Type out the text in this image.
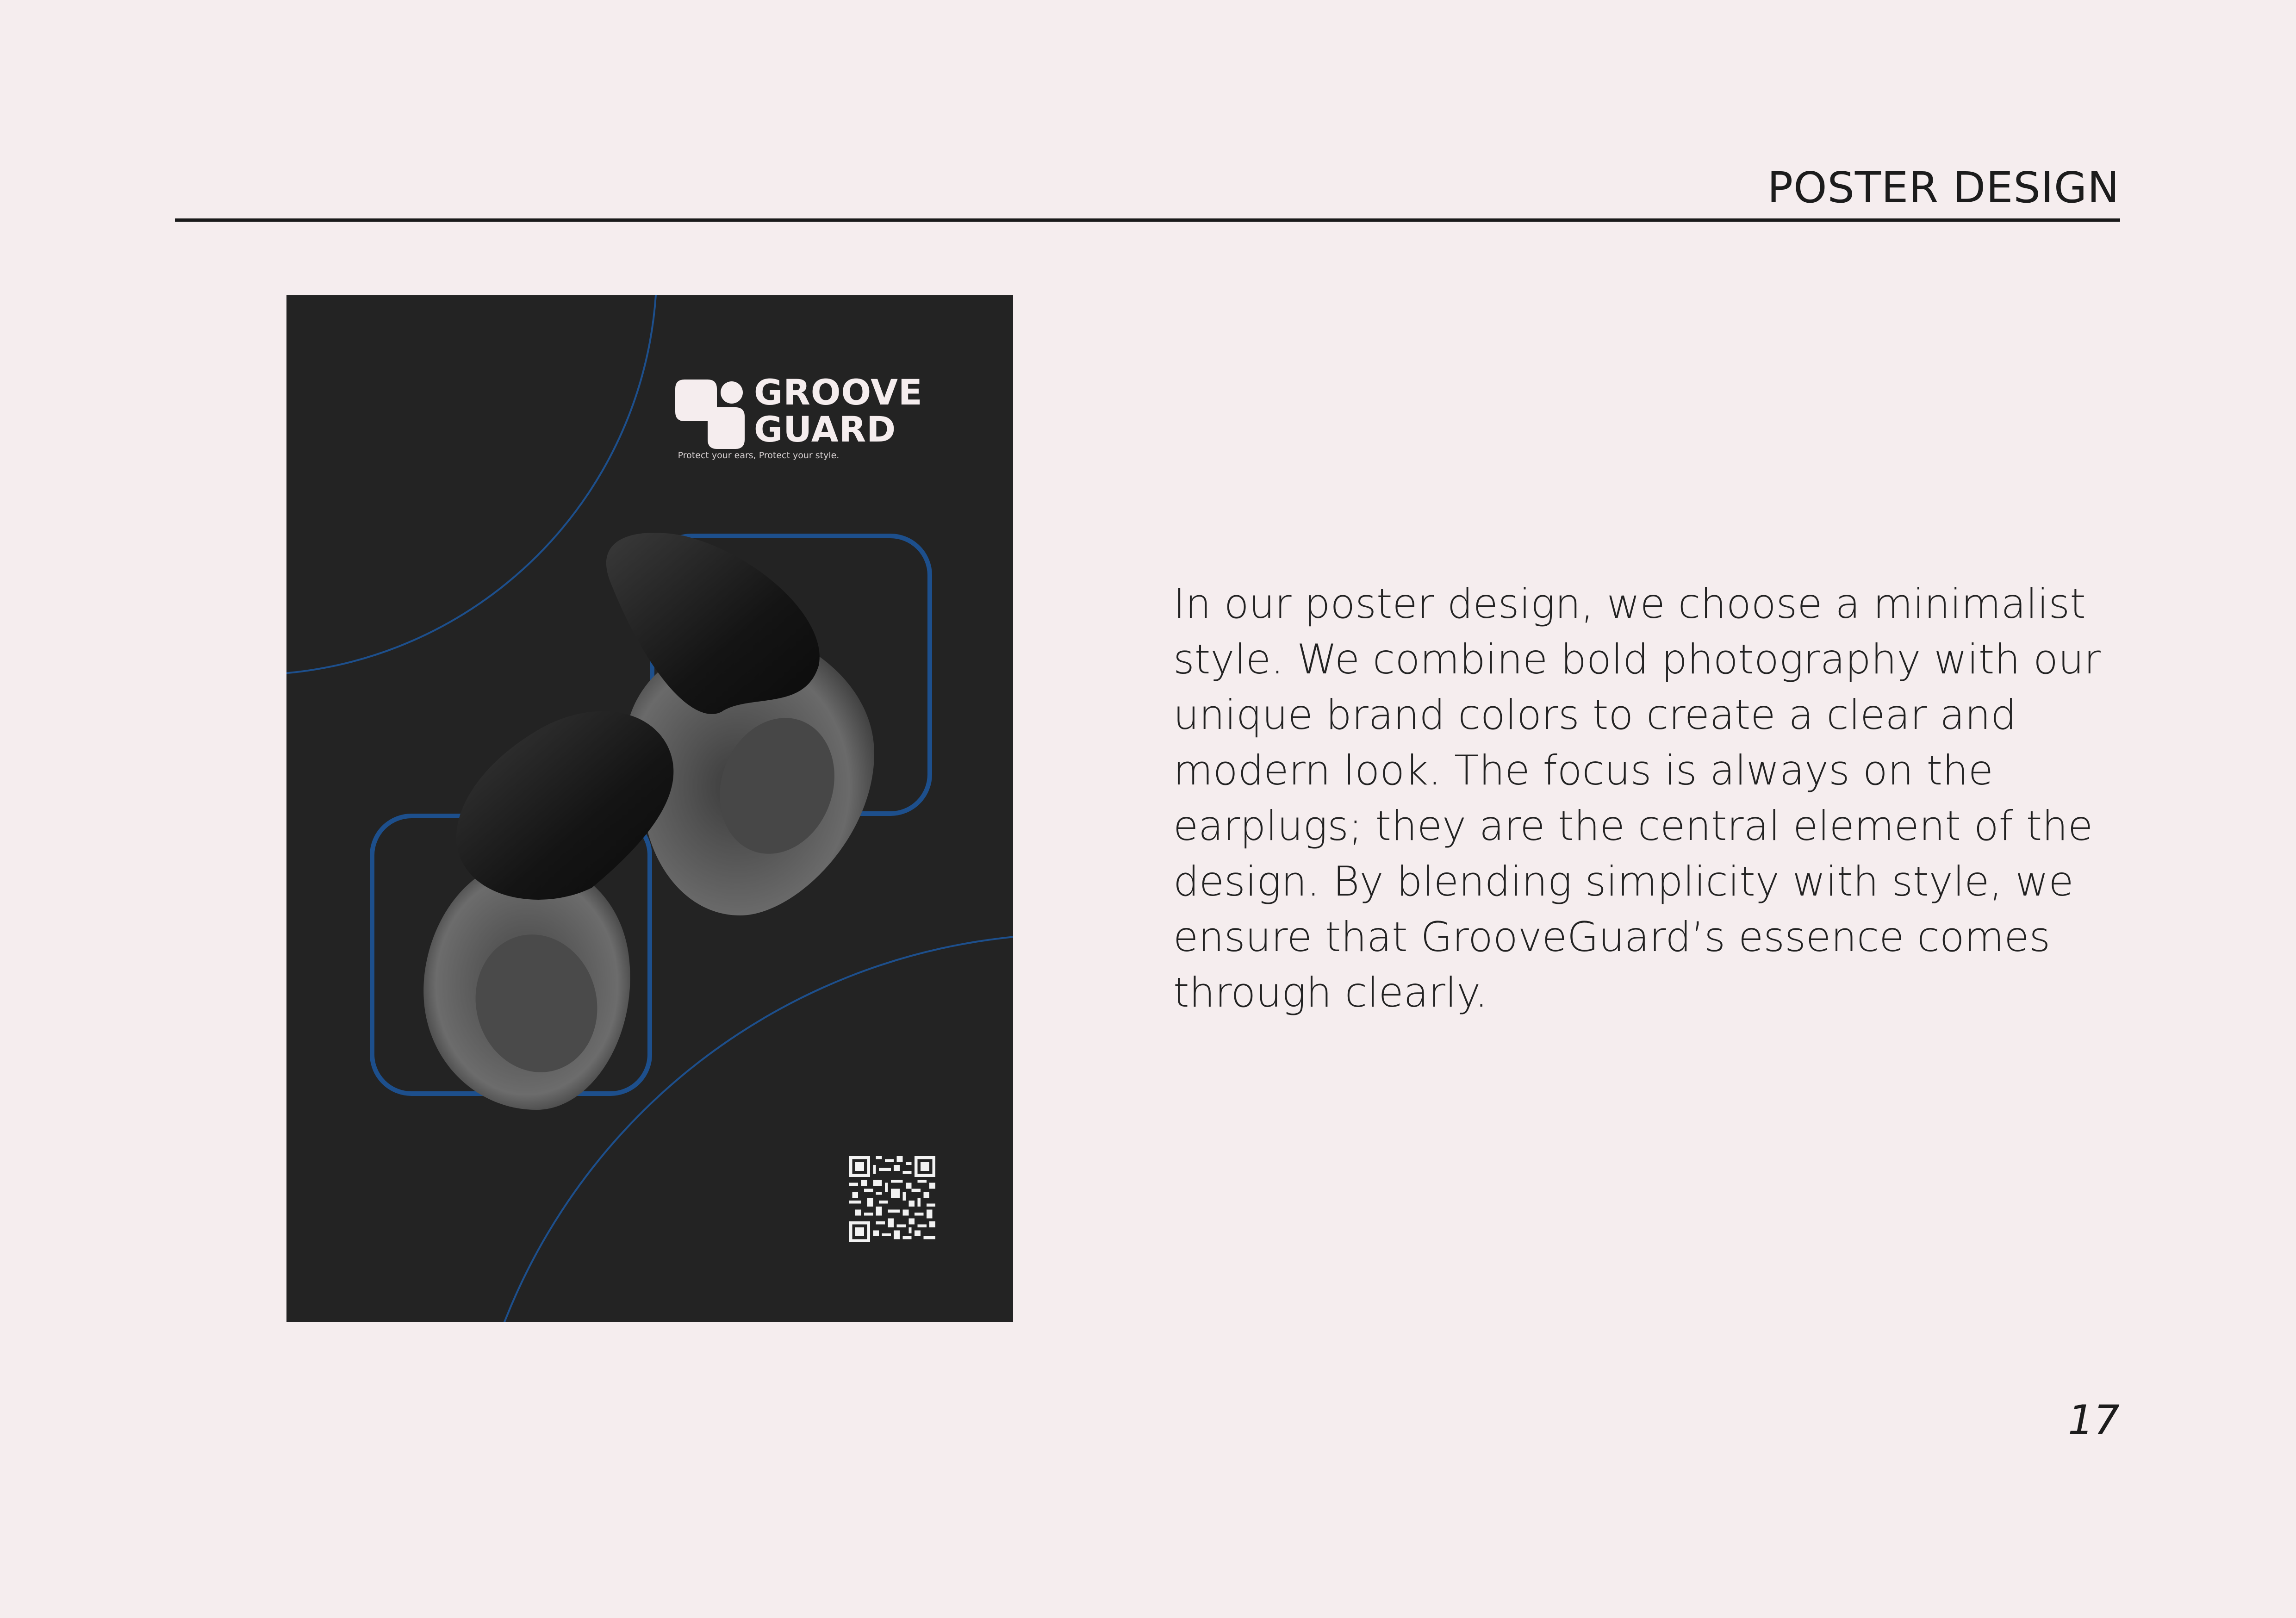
POSTER DESIGN
GROOVE
GUARD
Protect your ears, Protect your style.
In our poster design, we choose a minimalist style. We combine bold photography with our unique brand colors to create a clear and modern look. The focus is always on the earplugs; they are the central element of the design. By blending simplicity with style, we ensure that GrooveGuard’s essence comes through clearly.
17
